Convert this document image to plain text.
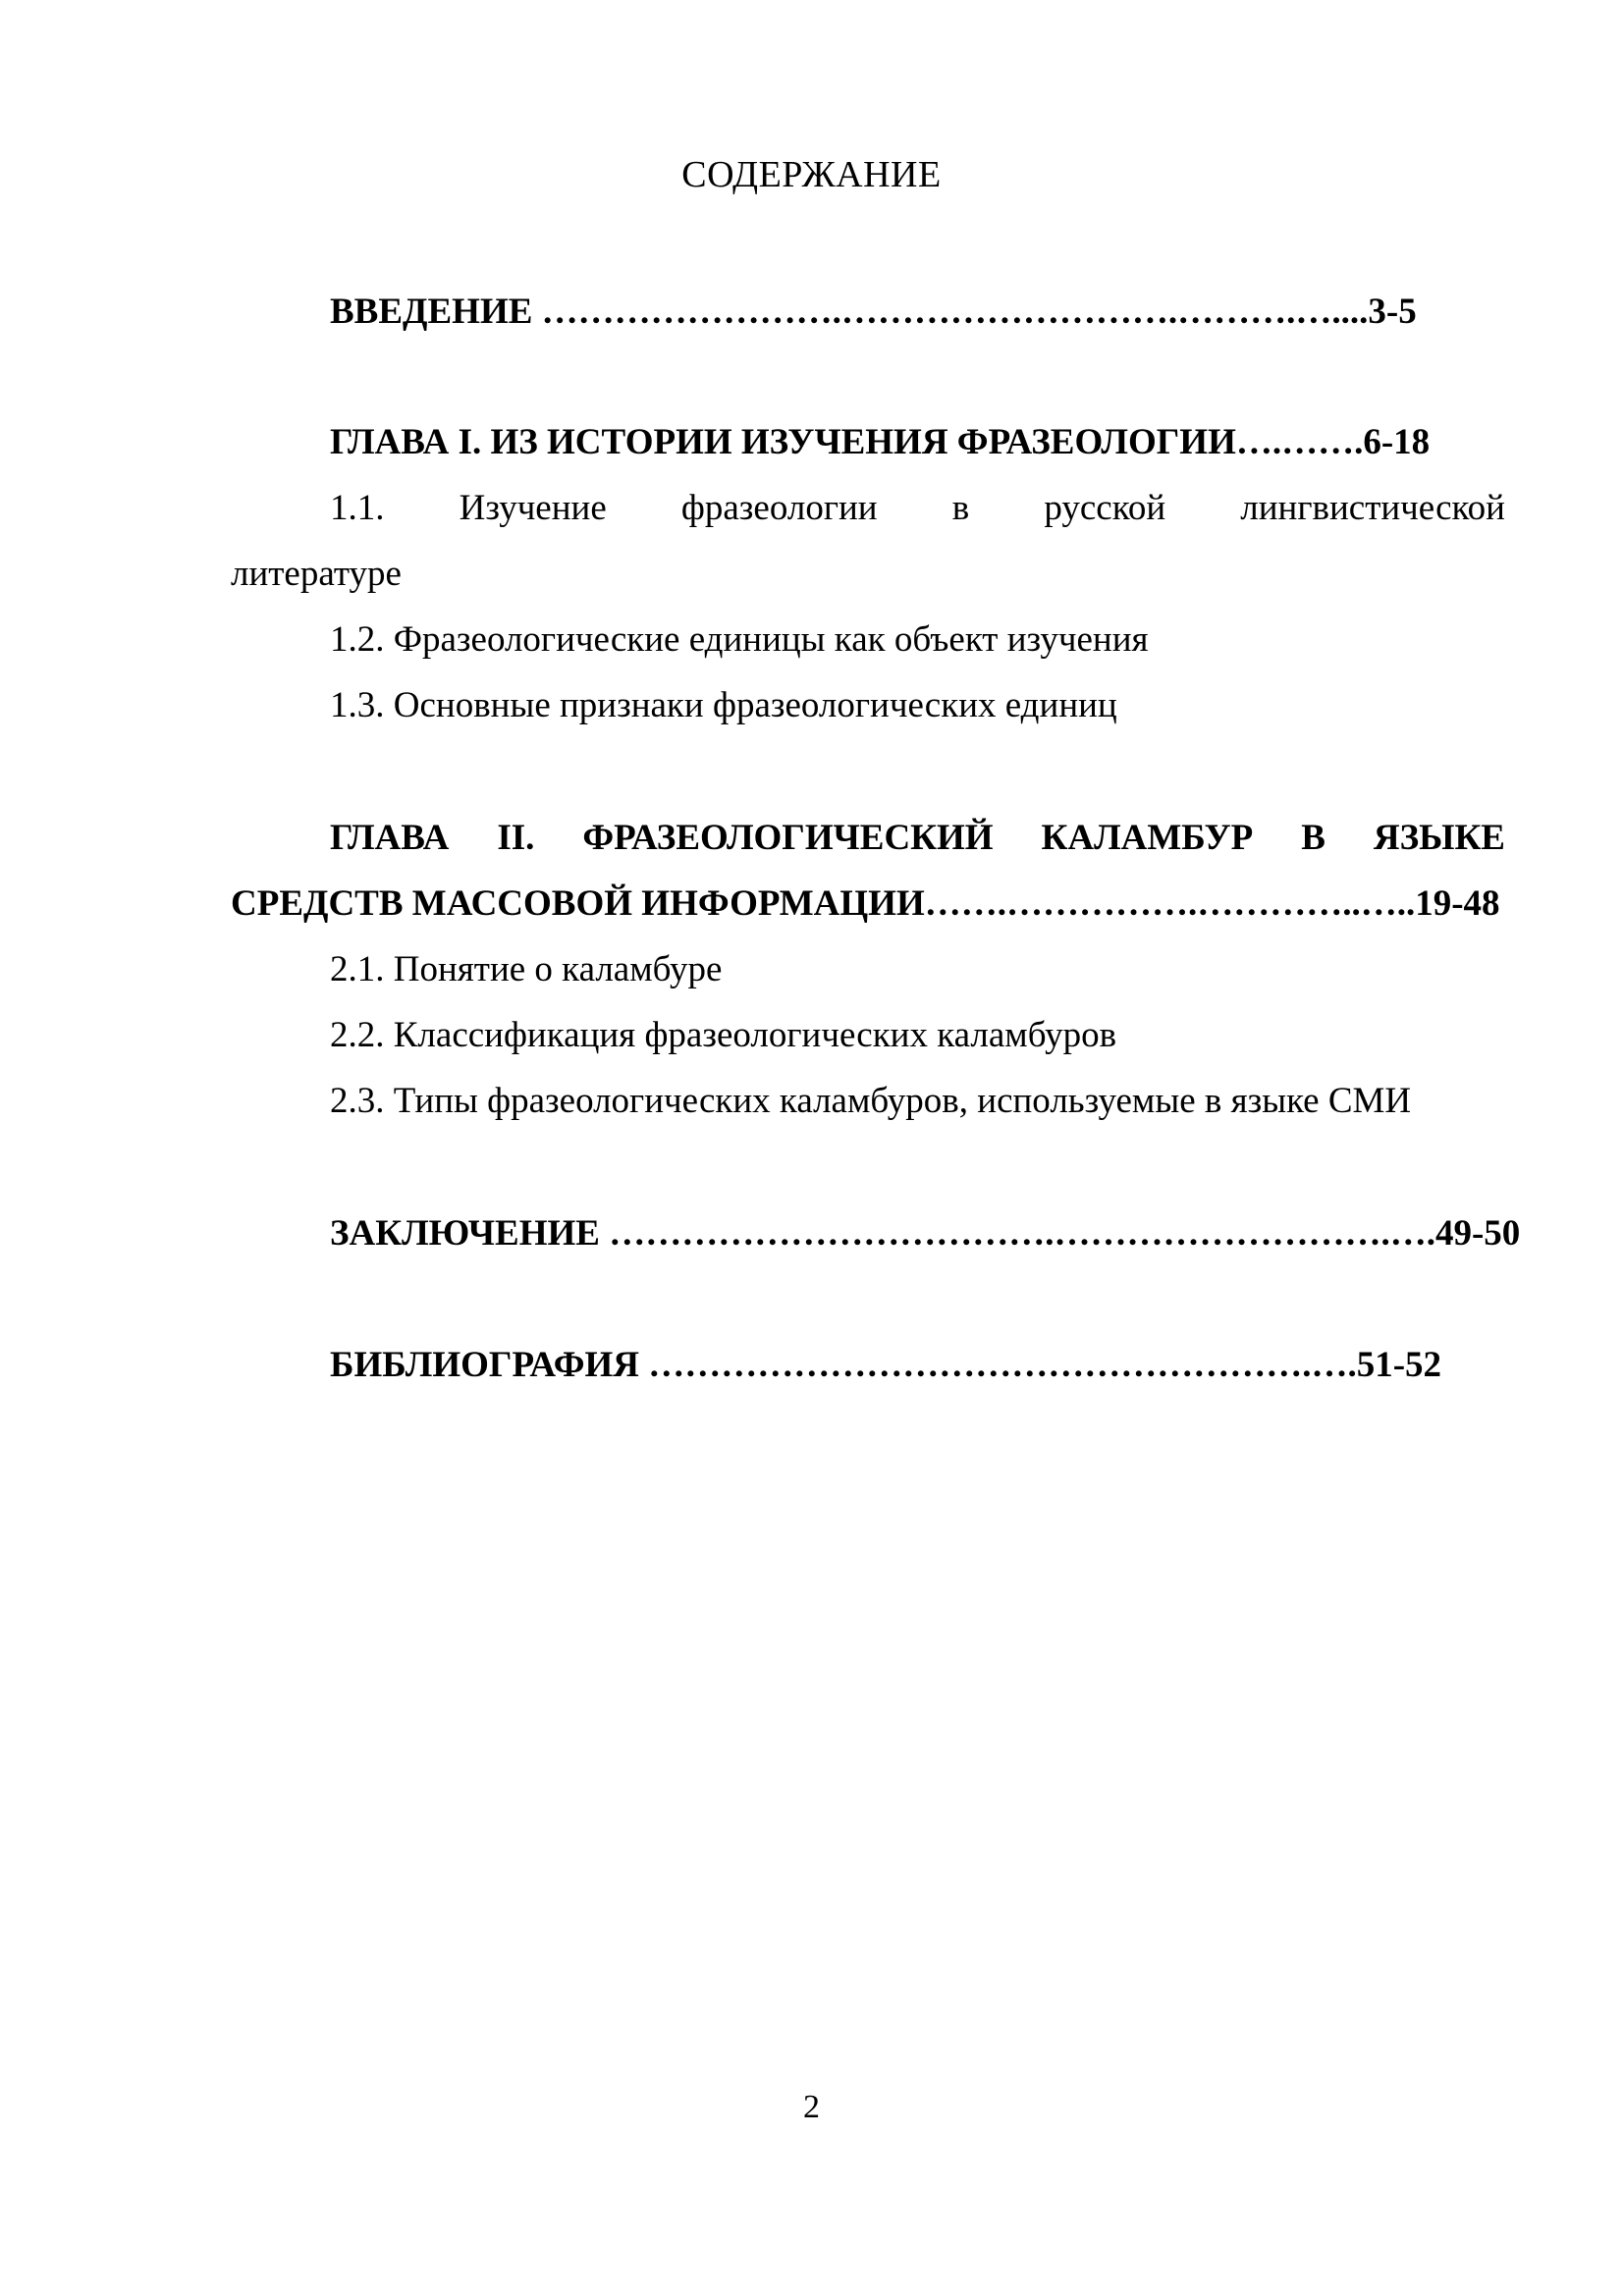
СОДЕРЖАНИЕ
ВВЕДЕНИЕ …………………….……………………….……….…....3-5
ГЛАВА I. ИЗ ИСТОРИИ ИЗУЧЕНИЯ ФРАЗЕОЛОГИИ….…….6-18
1.1. Изучение фразеологии в русской лингвистической
литературе
1.2. Фразеологические единицы как объект изучения
1.3. Основные признаки фразеологических единиц
ГЛАВА II. ФРАЗЕОЛОГИЧЕСКИЙ КАЛАМБУР В ЯЗЫКЕ
СРЕДСТВ МАССОВОЙ ИНФОРМАЦИИ…….…………….…………..…..19-48
2.1. Понятие о каламбуре
2.2. Классификация фразеологических каламбуров
2.3. Типы фразеологических каламбуров, используемые в языке СМИ
ЗАКЛЮЧЕНИЕ ……………………………….……………………….….49-50
БИБЛИОГРАФИЯ ……………………………………………….….51-52
2
